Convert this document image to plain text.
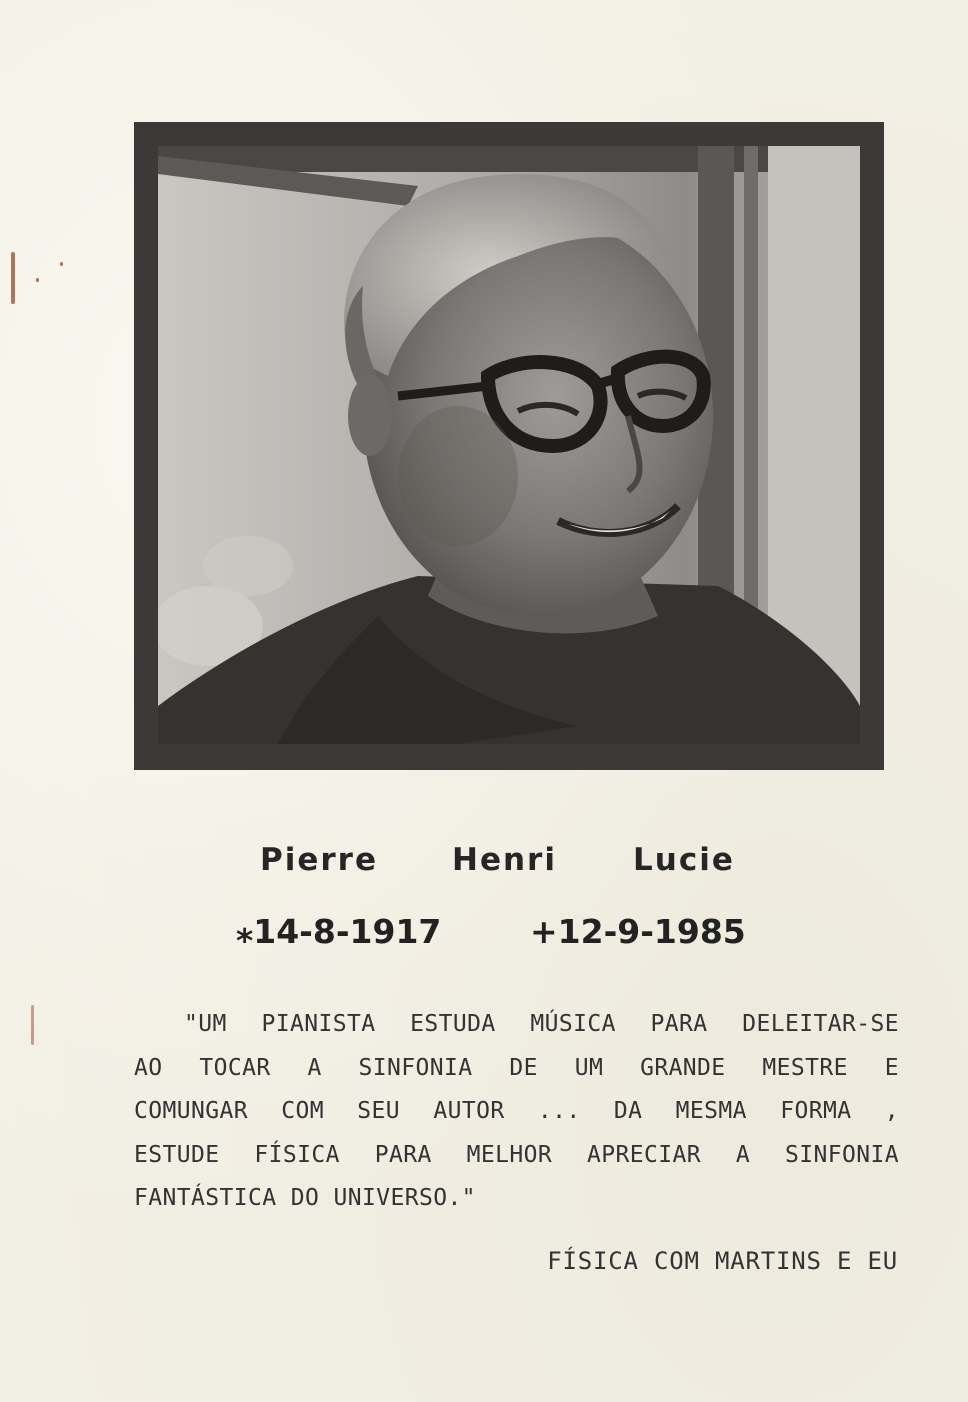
Pierre Henri Lucie
⁎14-8-1917	+12-9-1985
"UM PIANISTA ESTUDA MÚSICA PARA DELEITAR-SE
AO TOCAR A SINFONIA DE UM GRANDE MESTRE E
COMUNGAR COM SEU AUTOR ... DA MESMA FORMA ,
ESTUDE FÍSICA PARA MELHOR APRECIAR A SINFONIA
FANTÁSTICA DO UNIVERSO."
FÍSICA COM MARTINS E EU
